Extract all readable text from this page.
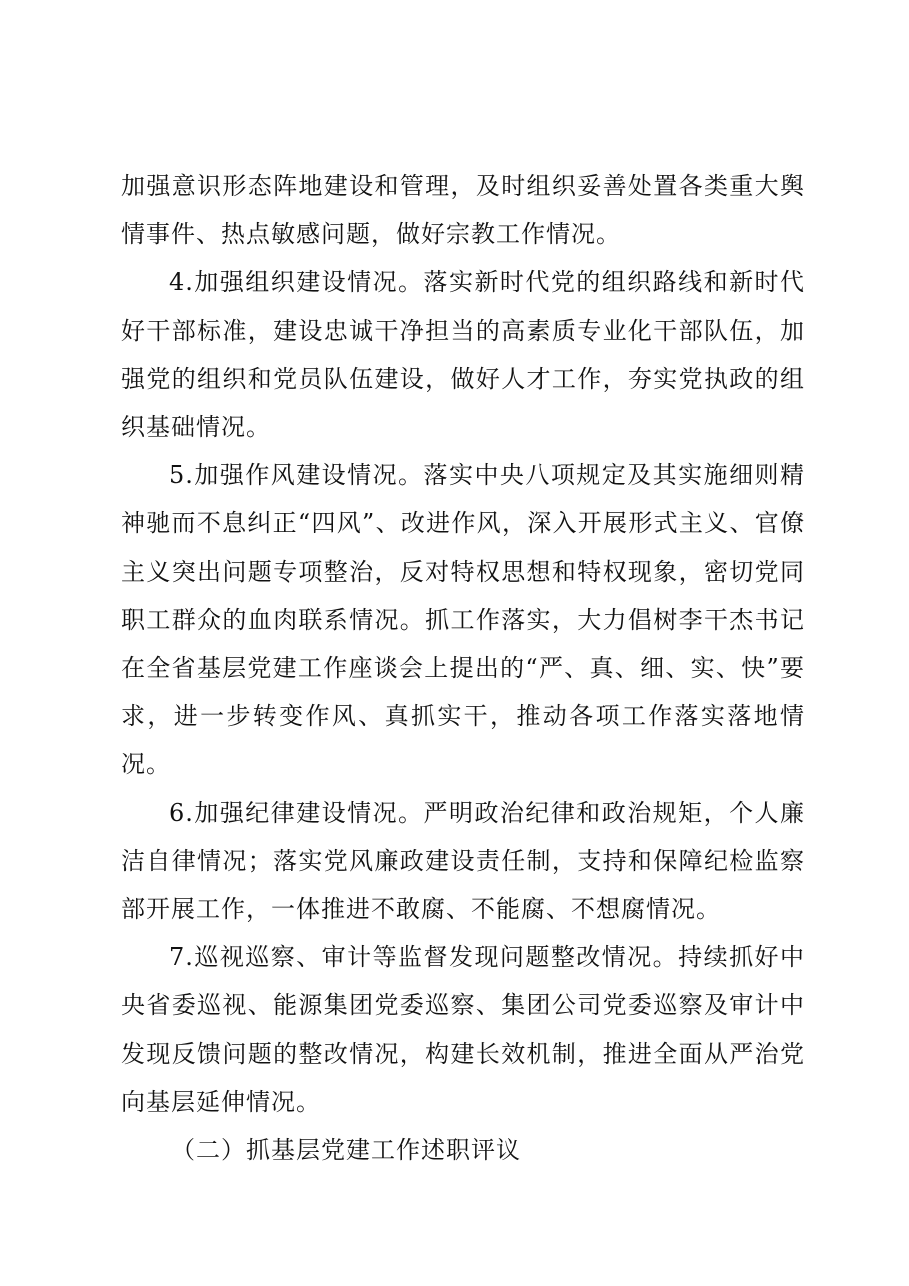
加强意识形态阵地建设和管理，及时组织妥善处置各类重大舆情事件、热点敏感问题，做好宗教工作情况。

4.加强组织建设情况。落实新时代党的组织路线和新时代好干部标准，建设忠诚干净担当的高素质专业化干部队伍，加强党的组织和党员队伍建设，做好人才工作，夯实党执政的组织基础情况。

5.加强作风建设情况。落实中央八项规定及其实施细则精神驰而不息纠正“四风”、改进作风，深入开展形式主义、官僚主义突出问题专项整治，反对特权思想和特权现象，密切党同职工群众的血肉联系情况。抓工作落实，大力倡树李干杰书记在全省基层党建工作座谈会上提出的“严、真、细、实、快”要求，进一步转变作风、真抓实干，推动各项工作落实落地情况。

6.加强纪律建设情况。严明政治纪律和政治规矩，个人廉洁自律情况；落实党风廉政建设责任制，支持和保障纪检监察部开展工作，一体推进不敢腐、不能腐、不想腐情况。

7.巡视巡察、审计等监督发现问题整改情况。持续抓好中央省委巡视、能源集团党委巡察、集团公司党委巡察及审计中发现反馈问题的整改情况，构建长效机制，推进全面从严治党向基层延伸情况。

（二）抓基层党建工作述职评议
